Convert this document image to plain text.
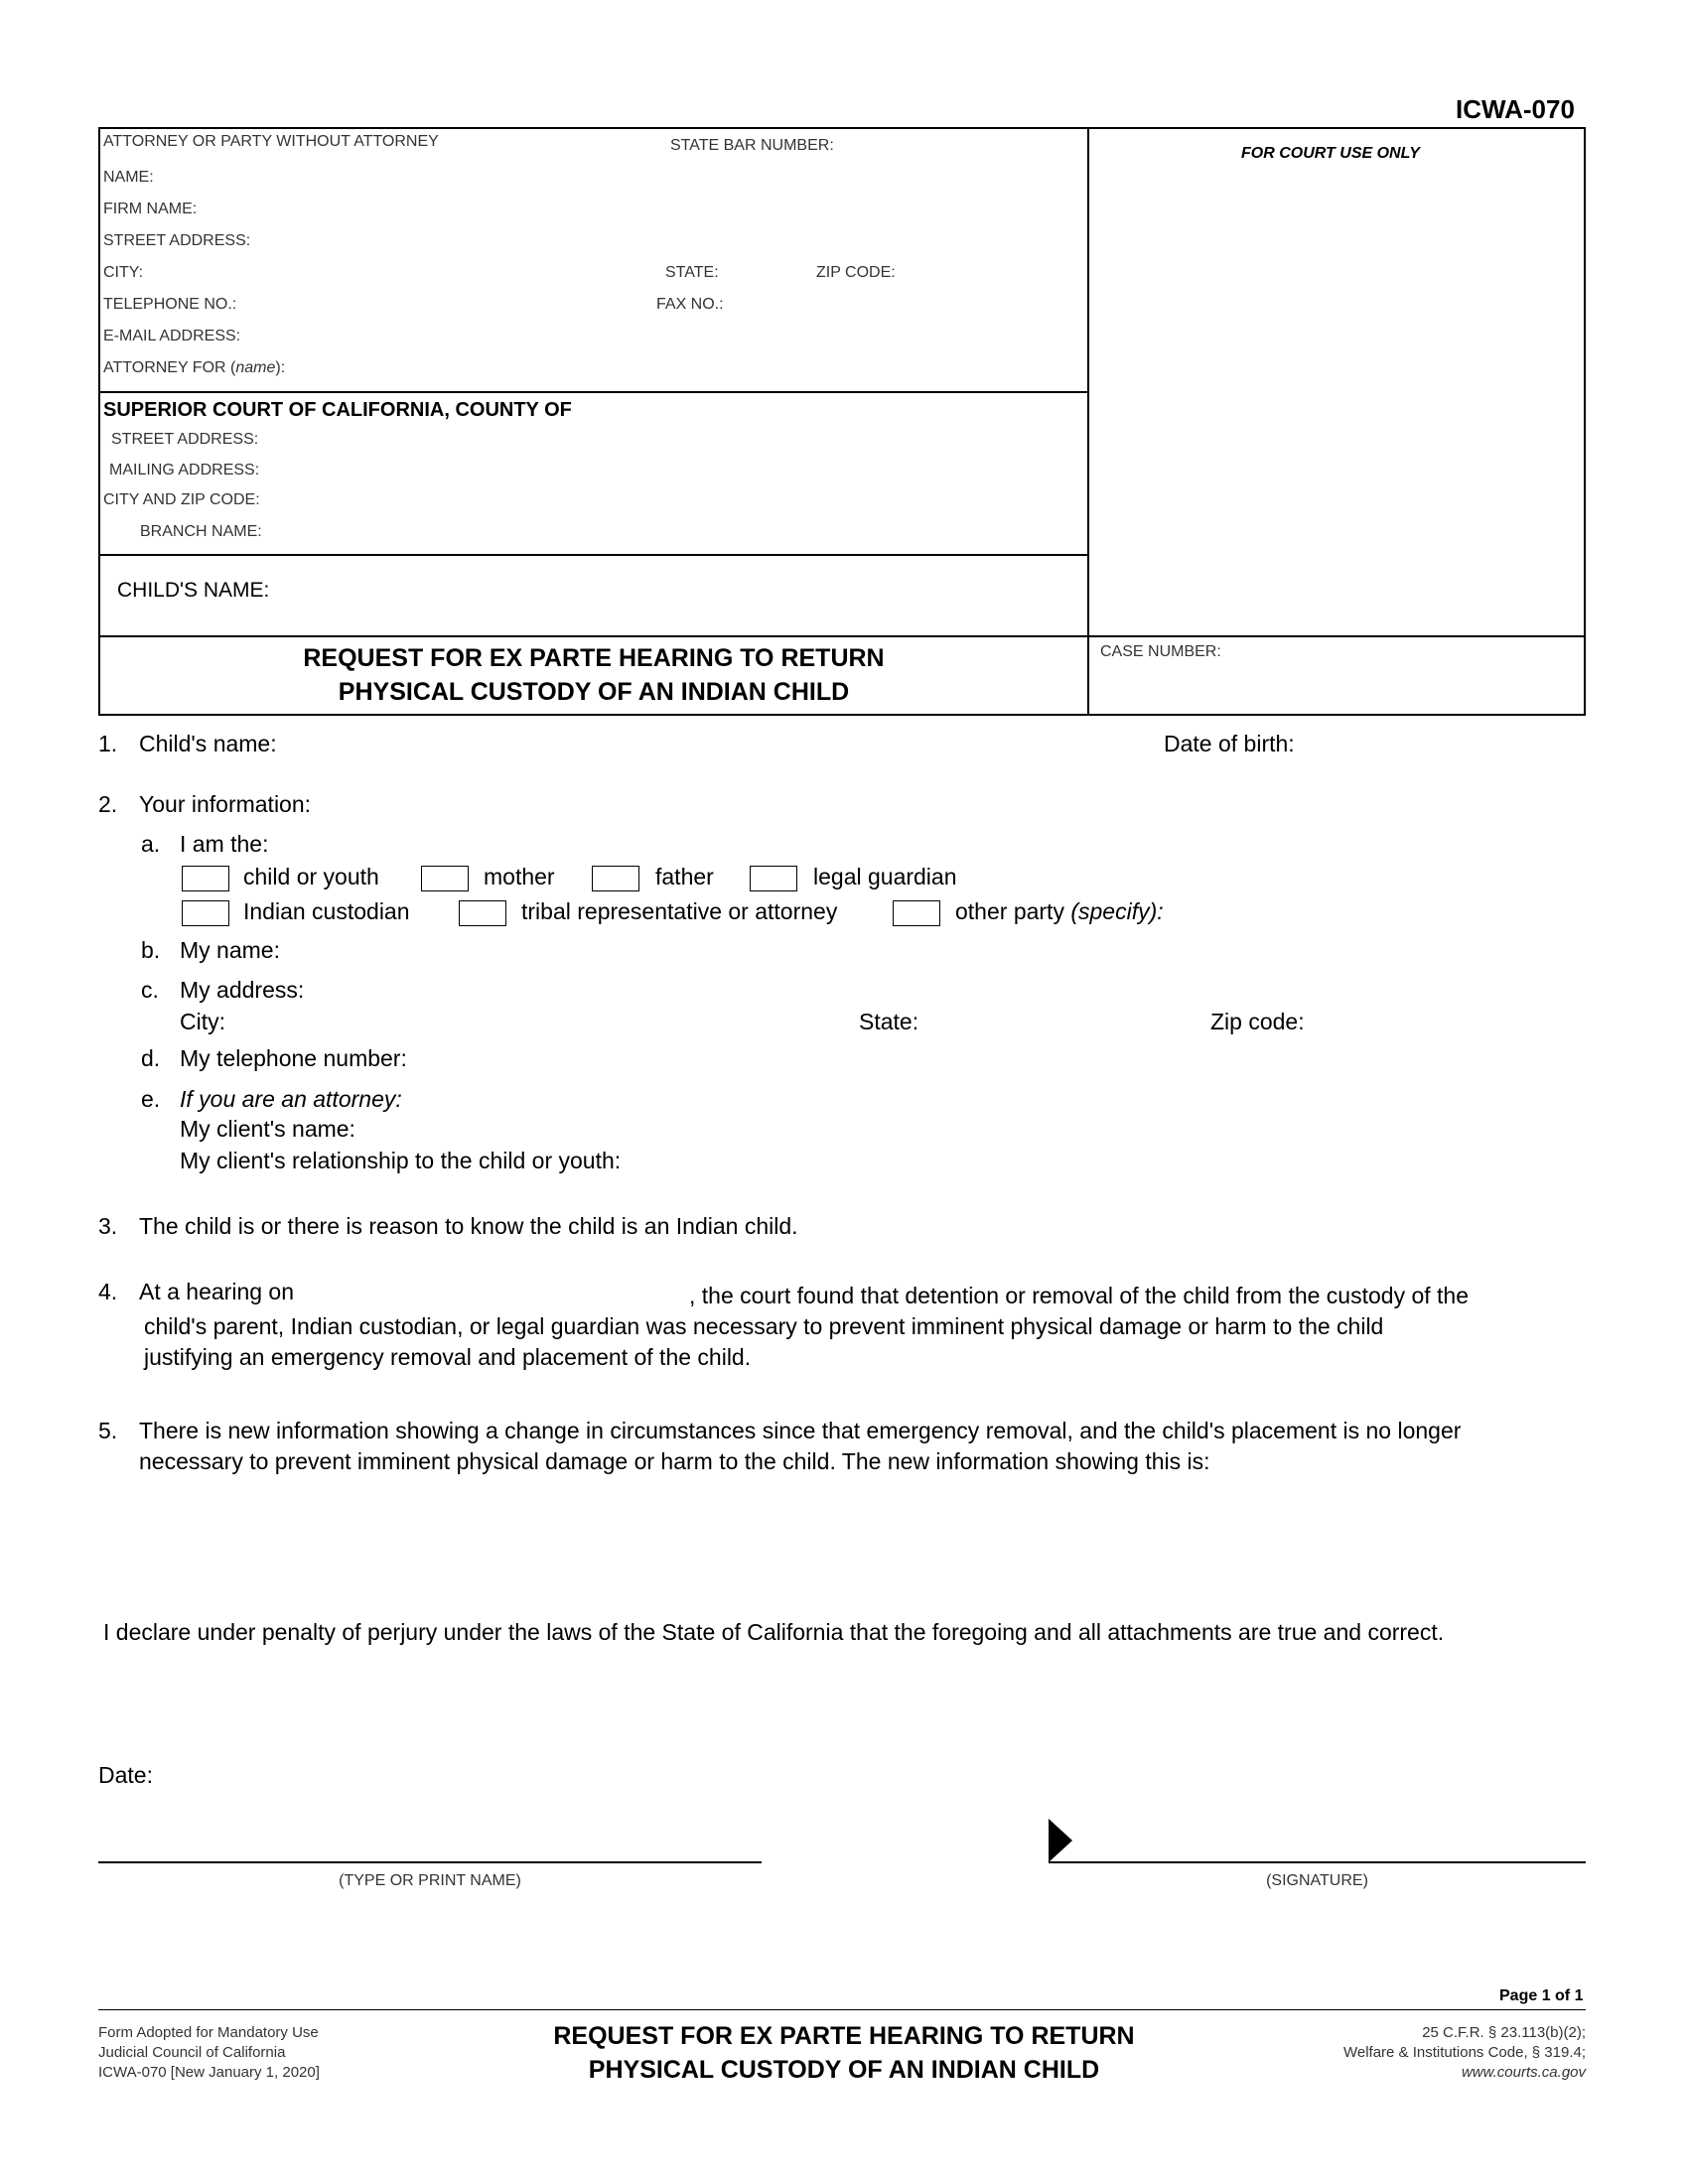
ICWA-070
ATTORNEY OR PARTY WITHOUT ATTORNEY	STATE BAR NUMBER:	FOR COURT USE ONLY
NAME:
FIRM NAME:
STREET ADDRESS:
CITY:	STATE:	ZIP CODE:
TELEPHONE NO.:	FAX NO.:
E-MAIL ADDRESS:
ATTORNEY FOR (name):
SUPERIOR COURT OF CALIFORNIA, COUNTY OF
STREET ADDRESS:
MAILING ADDRESS:
CITY AND ZIP CODE:
BRANCH NAME:
CHILD'S NAME:
REQUEST FOR EX PARTE HEARING TO RETURN
PHYSICAL CUSTODY OF AN INDIAN CHILD
CASE NUMBER:
1. Child's name:	Date of birth:
2. Your information:
a. I am the:
child or youth	mother	father	legal guardian
Indian custodian	tribal representative or attorney	other party (specify):
b. My name:
c. My address:
City:	State:	Zip code:
d. My telephone number:
e. If you are an attorney:
My client's name:
My client's relationship to the child or youth:
3. The child is or there is reason to know the child is an Indian child.
4. At a hearing on	, the court found that detention or removal of the child from the custody of the
child's parent, Indian custodian, or legal guardian was necessary to prevent imminent physical damage or harm to the child
justifying an emergency removal and placement of the child.
5. There is new information showing a change in circumstances since that emergency removal, and the child's placement is no longer
necessary to prevent imminent physical damage or harm to the child. The new information showing this is:
I declare under penalty of perjury under the laws of the State of California that the foregoing and all attachments are true and correct.
Date:
(TYPE OR PRINT NAME)	(SIGNATURE)
Page 1 of 1
Form Adopted for Mandatory Use
Judicial Council of California
ICWA-070 [New January 1, 2020]
REQUEST FOR EX PARTE HEARING TO RETURN
PHYSICAL CUSTODY OF AN INDIAN CHILD
25 C.F.R. § 23.113(b)(2);
Welfare & Institutions Code, § 319.4;
www.courts.ca.gov
